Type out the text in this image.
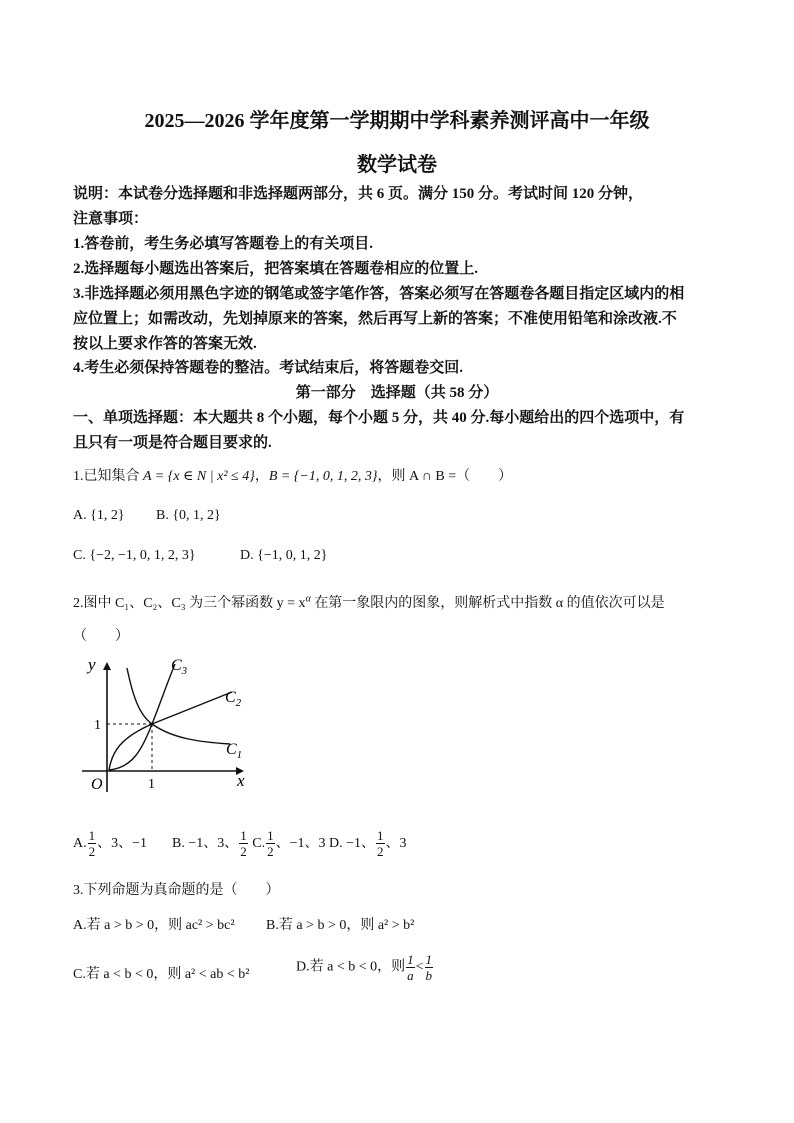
2025—2026 学年度第一学期期中学科素养测评高中一年级
数学试卷
说明：本试卷分选择题和非选择题两部分，共 6 页。满分 150 分。考试时间 120 分钟，
注意事项：
1.答卷前，考生务必填写答题卷上的有关项目.
2.选择题每小题选出答案后，把答案填在答题卷相应的位置上.
3.非选择题必须用黑色字迹的钢笔或签字笔作答，答案必须写在答题卷各题目指定区域内的相
应位置上；如需改动，先划掉原来的答案，然后再写上新的答案；不准使用铅笔和涂改液.不
按以上要求作答的答案无效.
4.考生必须保持答题卷的整洁。考试结束后，将答题卷交回.
第一部分　选择题（共 58 分）
一、单项选择题：本大题共 8 个小题，每个小题 5 分，共 40 分.每小题给出的四个选项中，有
且只有一项是符合题目要求的.
1.已知集合 A = {x ∈ N | x² ≤ 4}，B = {−1, 0, 1, 2, 3}，则 A ∩ B =（　　）
A. {1, 2} B. {0, 1, 2}
C. {−2, −1, 0, 1, 2, 3}	D. {−1, 0, 1, 2}
2.图中 C₁、C₂、C₃ 为三个幂函数 $y = x^\alpha$ 在第一象限内的图象，则解析式中指数 α 的值依次可以是
（　　）
y
x
O	1
1
$C_3$
$C_2$
$C_1$
A. $\frac{1}{2}$ 、3、−1 B. −1、3、 $\frac{1}{2} C$. $\frac{1}{2}$ 、−1、3 D. −1、 $\frac{1}{2}$ 、3
3.下列命题为真命题的是（　　）
A.若 a > b > 0，则 ac² > bc² B.若 a > b > 0，则 a² > b²
C.若 a < b < 0，则 a² < ab < b²	D.若 a < b < 0，则 $\frac{1}{a} < \frac{1}{b}$
